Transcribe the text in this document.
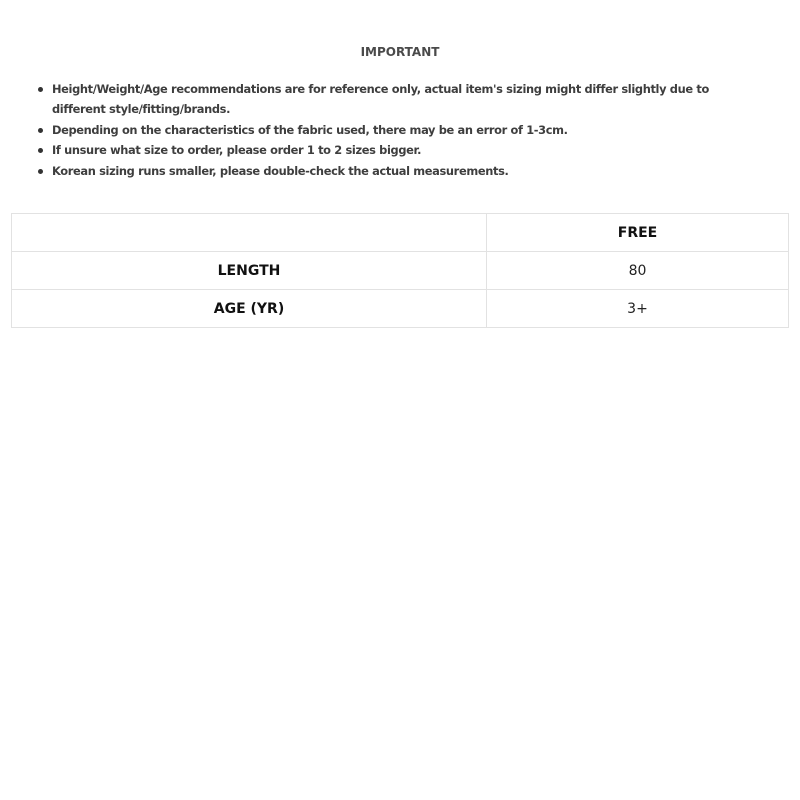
IMPORTANT
Height/Weight/Age recommendations are for reference only, actual item's sizing might differ slightly due to different style/fitting/brands.
Depending on the characteristics of the fabric used, there may be an error of 1-3cm.
If unsure what size to order, please order 1 to 2 sizes bigger.
Korean sizing runs smaller, please double-check the actual measurements.
	FREE
LENGTH	80
AGE (YR)	3+
